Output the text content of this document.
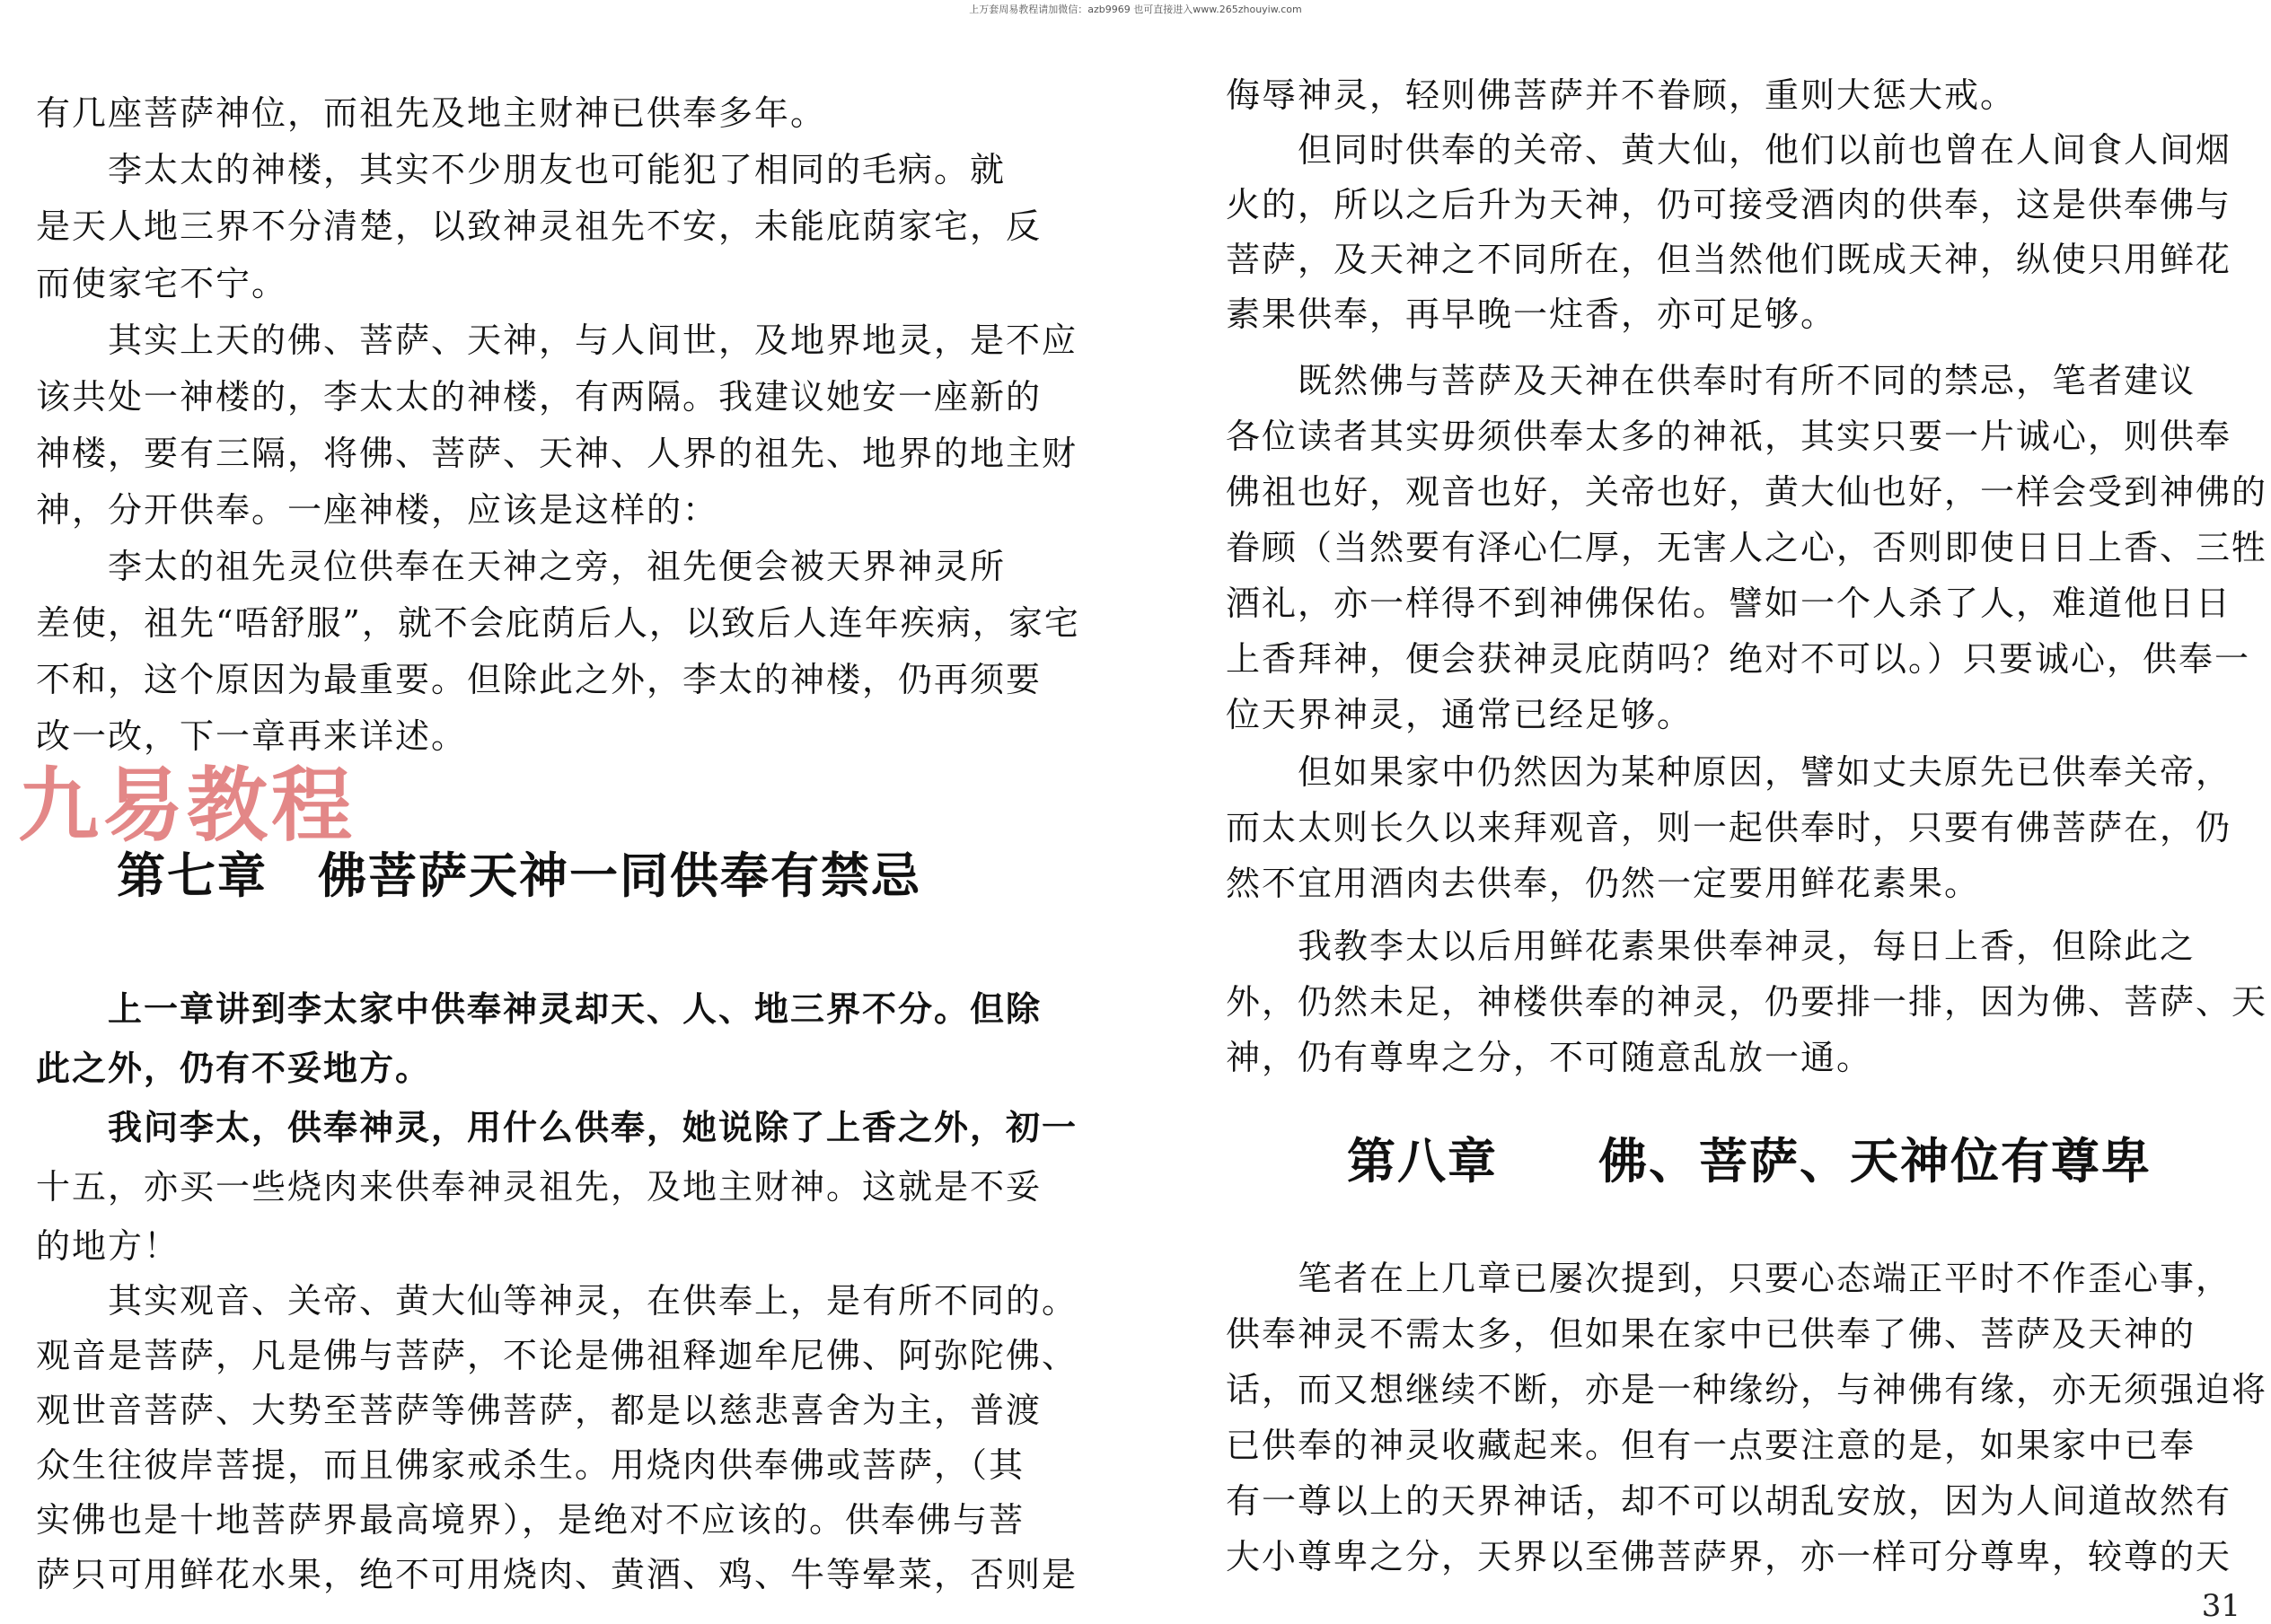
上万套周易教程请加微信：azb9969 也可直接进入www.265zhouyiw.com

有几座菩萨神位，而祖先及地主财神已供奉多年。

　　李太太的神楼，其实不少朋友也可能犯了相同的毛病。就

是天人地三界不分清楚，以致神灵祖先不安，未能庇荫家宅，反

而使家宅不宁。

　　其实上天的佛、菩萨、天神，与人间世，及地界地灵，是不应

该共处一神楼的，李太太的神楼，有两隔。我建议她安一座新的

神楼，要有三隔，将佛、菩萨、天神、人界的祖先、地界的地主财

神，分开供奉。一座神楼，应该是这样的：

　　李太的祖先灵位供奉在天神之旁，祖先便会被天界神灵所

差使，祖先“唔舒服”，就不会庇荫后人，以致后人连年疾病，家宅

不和，这个原因为最重要。但除此之外，李太的神楼，仍再须要

改一改，下一章再来详述。

第七章　佛菩萨天神一同供奉有禁忌

　　上一章讲到李太家中供奉神灵却天、人、地三界不分。但除

此之外，仍有不妥地方。

　　我问李太，供奉神灵，用什么供奉，她说除了上香之外，初一

十五，亦买一些烧肉来供奉神灵祖先，及地主财神。这就是不妥

的地方！

　　其实观音、关帝、黄大仙等神灵，在供奉上，是有所不同的。

观音是菩萨，凡是佛与菩萨，不论是佛祖释迦牟尼佛、阿弥陀佛、

观世音菩萨、大势至菩萨等佛菩萨，都是以慈悲喜舍为主，普渡

众生往彼岸菩提，而且佛家戒杀生。用烧肉供奉佛或菩萨，（其

实佛也是十地菩萨界最高境界），是绝对不应该的。供奉佛与菩

萨只可用鲜花水果，绝不可用烧肉、黄酒、鸡、牛等晕菜，否则是

九易教程

侮辱神灵，轻则佛菩萨并不眷顾，重则大惩大戒。

　　但同时供奉的关帝、黄大仙，他们以前也曾在人间食人间烟

火的，所以之后升为天神，仍可接受酒肉的供奉，这是供奉佛与

菩萨，及天神之不同所在，但当然他们既成天神，纵使只用鲜花

素果供奉，再早晚一炷香，亦可足够。

　　既然佛与菩萨及天神在供奉时有所不同的禁忌，笔者建议

各位读者其实毋须供奉太多的神祇，其实只要一片诚心，则供奉

佛祖也好，观音也好，关帝也好，黄大仙也好，一样会受到神佛的

眷顾（当然要有泽心仁厚，无害人之心，否则即使日日上香、三牲

酒礼，亦一样得不到神佛保佑。譬如一个人杀了人，难道他日日

上香拜神，便会获神灵庇荫吗？绝对不可以。）只要诚心，供奉一

位天界神灵，通常已经足够。

　　但如果家中仍然因为某种原因，譬如丈夫原先已供奉关帝，

而太太则长久以来拜观音，则一起供奉时，只要有佛菩萨在，仍

然不宜用酒肉去供奉，仍然一定要用鲜花素果。

　　我教李太以后用鲜花素果供奉神灵，每日上香，但除此之

外，仍然未足，神楼供奉的神灵，仍要排一排，因为佛、菩萨、天

神，仍有尊卑之分，不可随意乱放一通。

第八章　　佛、菩萨、天神位有尊卑

　　笔者在上几章已屡次提到，只要心态端正平时不作歪心事，

供奉神灵不需太多，但如果在家中已供奉了佛、菩萨及天神的

话，而又想继续不断，亦是一种缘纷，与神佛有缘，亦无须强迫将

已供奉的神灵收藏起来。但有一点要注意的是，如果家中已奉

有一尊以上的天界神话，却不可以胡乱安放，因为人间道故然有

大小尊卑之分，天界以至佛菩萨界，亦一样可分尊卑，较尊的天

31
